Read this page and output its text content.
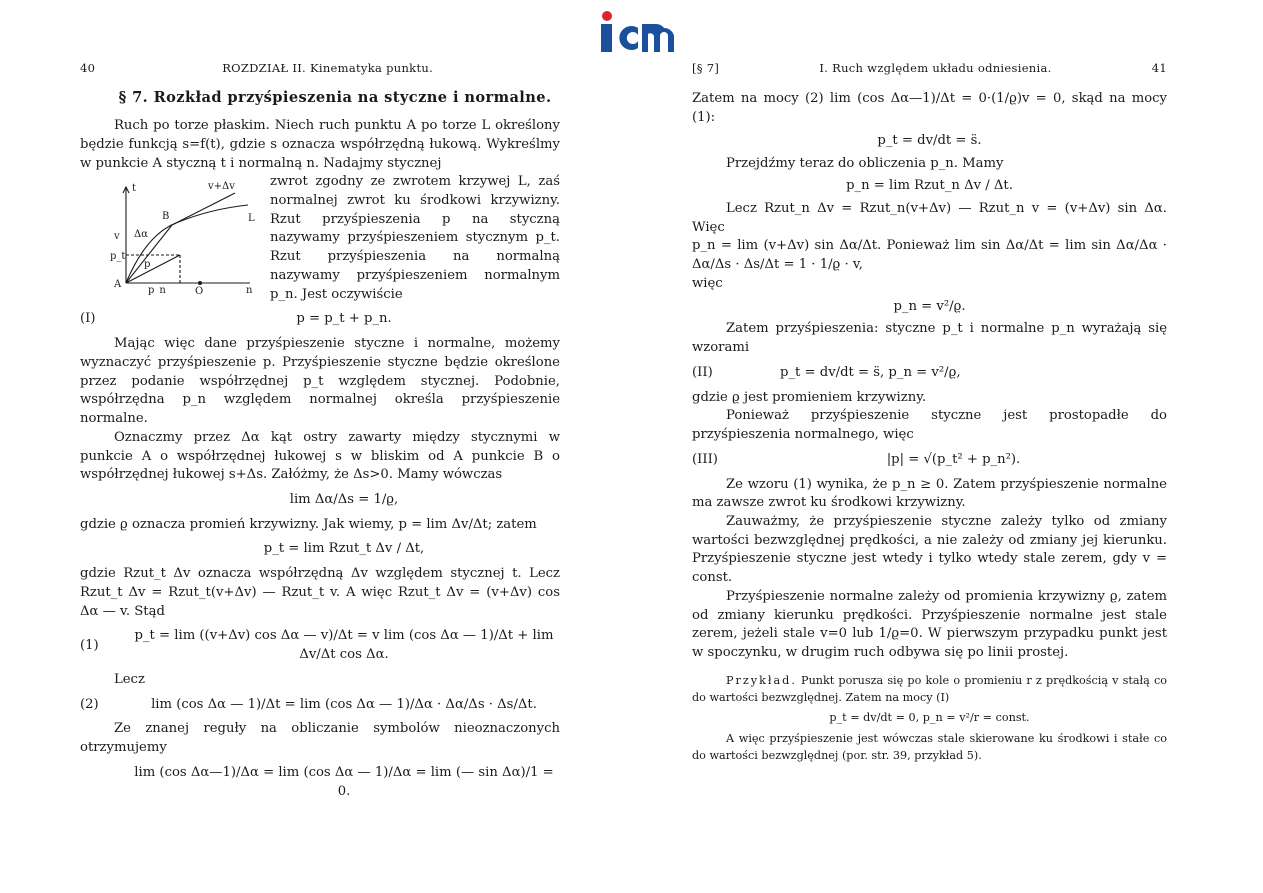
40	ROZDZIAŁ II. Kinematyka punktu.
§ 7. Rozkład przyśpieszenia na styczne i normalne.

Ruch po torze płaskim. Niech ruch punktu A po torze L określony będzie funkcją s=f(t), gdzie s oznacza współrzędną łukową. Wykreślmy w punkcie A styczną t i normalną n. Nadajmy stycznej

t	v+Δv
v Δα
B	L
p_t
p
A
p_n	O	n

zwrot zgodny ze zwrotem krzywej L, zaś normalnej zwrot ku środkowi krzywizny. Rzut przyśpieszenia p na styczną nazywamy przyśpieszeniem stycznym p_t. Rzut przyśpieszenia na normalną nazywamy przyśpieszeniem normalnym p_n. Jest oczywiście

(I)	p = p_t + p_n.

Mając więc dane przyśpieszenie styczne i normalne, możemy wyznaczyć przyśpieszenie p. Przyśpieszenie styczne będzie określone przez podanie współrzędnej p_t względem stycznej. Podobnie, współrzędna p_n względem normalnej określa przyśpieszenie normalne.

Oznaczmy przez Δα kąt ostry zawarty między stycznymi w punkcie A o współrzędnej łukowej s w bliskim od A punkcie B o współrzędnej łukowej s+Δs. Załóżmy, że Δs>0. Mamy wówczas

lim Δα/Δs = 1/ϱ,

gdzie ϱ oznacza promień krzywizny. Jak wiemy, p = lim Δv/Δt; zatem

p_t = lim Rzut_t Δv / Δt,

gdzie Rzut_t Δv oznacza współrzędną Δv względem stycznej t. Lecz Rzut_t Δv = Rzut_t(v+Δv) — Rzut_t v. A więc Rzut_t Δv = (v+Δv) cos Δα — v. Stąd

(1)
p_t = lim ((v+Δv) cos Δα — v)/Δt = v lim (cos Δα — 1)/Δt + lim Δv/Δt cos Δα.

Lecz

(2)	lim (cos Δα — 1)/Δt = lim (cos Δα — 1)/Δα · Δα/Δs · Δs/Δt.

Ze znanej reguły na obliczanie symbolów nieoznaczonych otrzymujemy

lim (cos Δα—1)/Δα = lim (cos Δα — 1)/Δα = lim (— sin Δα)/1 = 0.
[§ 7]	I. Ruch względem układu odniesienia.	41

Zatem na mocy (2) lim (cos Δα—1)/Δt = 0·(1/ϱ)v = 0, skąd na mocy (1):

p_t = dv/dt = s̈.

Przejdźmy teraz do obliczenia p_n. Mamy

p_n = lim Rzut_n Δv / Δt.

Lecz Rzut_n Δv = Rzut_n(v+Δv) — Rzut_n v = (v+Δv) sin Δα. Więc

p_n = lim (v+Δv) sin Δα/Δt. Ponieważ lim sin Δα/Δt = lim sin Δα/Δα · Δα/Δs · Δs/Δt = 1 · 1/ϱ · v,

więc

p_n = v²/ϱ.

Zatem przyśpieszenia: styczne p_t i normalne p_n wyrażają się wzorami

(II)	p_t = dv/dt = s̈, p_n = v²/ϱ,

gdzie ϱ jest promieniem krzywizny.

Ponieważ przyśpieszenie styczne jest prostopadłe do przyśpieszenia normalnego, więc

(III)	|p| = √(p_t² + p_n²).

Ze wzoru (1) wynika, że p_n ≥ 0. Zatem przyśpieszenie normalne ma zawsze zwrot ku środkowi krzywizny.

Zauważmy, że przyśpieszenie styczne zależy tylko od zmiany wartości bezwzględnej prędkości, a nie zależy od zmiany jej kierunku. Przyśpieszenie styczne jest wtedy i tylko wtedy stale zerem, gdy v = const.

Przyśpieszenie normalne zależy od promienia krzywizny ϱ, zatem od zmiany kierunku prędkości. Przyśpieszenie normalne jest stale zerem, jeżeli stale v=0 lub 1/ϱ=0. W pierwszym przypadku punkt jest w spoczynku, w drugim ruch odbywa się po linii prostej.

Przykład. Punkt porusza się po kole o promieniu r z prędkością v stałą co do wartości bezwzględnej. Zatem na mocy (I)

p_t = dv/dt = 0, p_n = v²/r = const.

A więc przyśpieszenie jest wówczas stale skierowane ku środkowi i stałe co do wartości bezwzględnej (por. str. 39, przykład 5).
